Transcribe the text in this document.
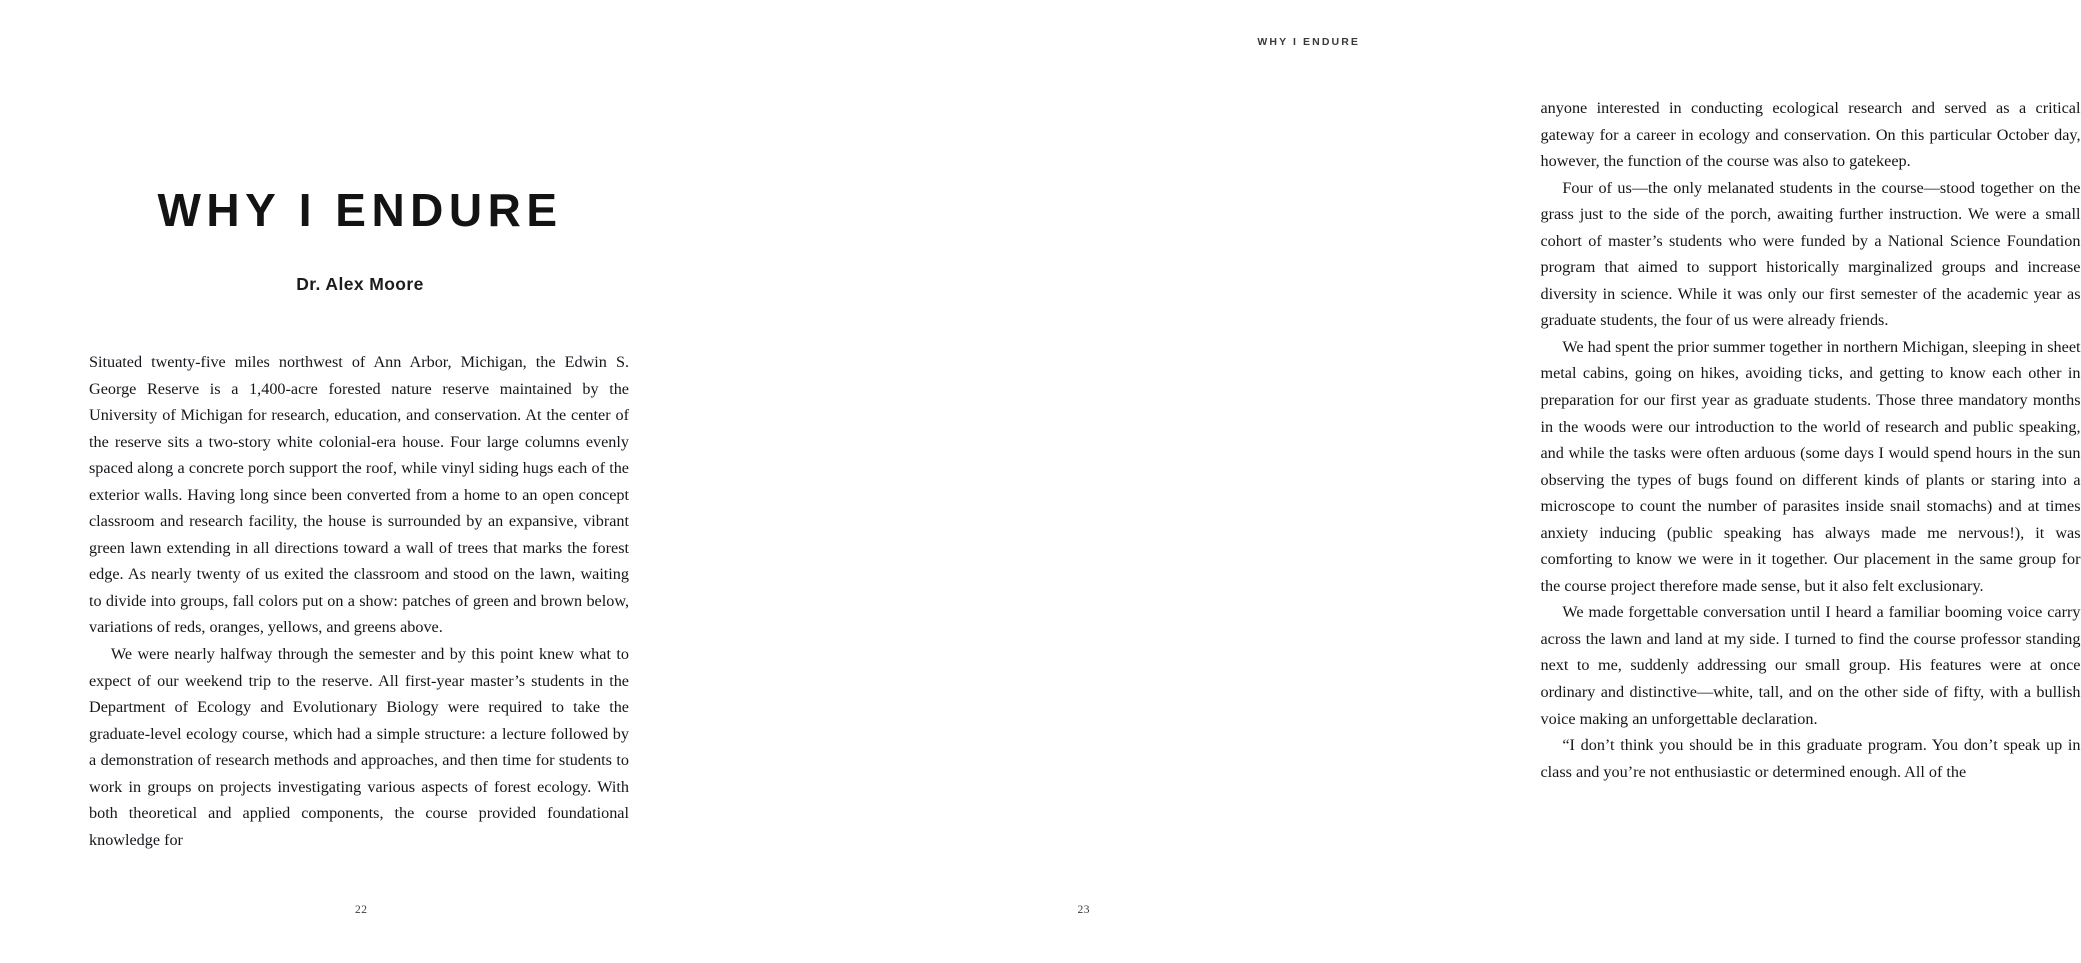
WHY I ENDURE

Dr. Alex Moore

Situated twenty-five miles northwest of Ann Arbor, Michigan, the Edwin S. George Reserve is a 1,400-acre forested nature reserve maintained by the University of Michigan for research, education, and conservation. At the center of the reserve sits a two-story white colonial-era house. Four large columns evenly spaced along a concrete porch support the roof, while vinyl siding hugs each of the exterior walls. Having long since been converted from a home to an open concept classroom and research facility, the house is surrounded by an expansive, vibrant green lawn extending in all directions toward a wall of trees that marks the forest edge. As nearly twenty of us exited the classroom and stood on the lawn, waiting to divide into groups, fall colors put on a show: patches of green and brown below, variations of reds, oranges, yellows, and greens above.

We were nearly halfway through the semester and by this point knew what to expect of our weekend trip to the reserve. All first-year master’s students in the Department of Ecology and Evolutionary Biology were required to take the graduate-level ecology course, which had a simple structure: a lecture followed by a demonstration of research methods and approaches, and then time for students to work in groups on projects investigating various aspects of forest ecology. With both theoretical and applied components, the course provided foundational knowledge for

22
WHY I ENDURE

anyone interested in conducting ecological research and served as a critical gateway for a career in ecology and conservation. On this particular October day, however, the function of the course was also to gatekeep.

Four of us—the only melanated students in the course—stood together on the grass just to the side of the porch, awaiting further instruction. We were a small cohort of master’s students who were funded by a National Science Foundation program that aimed to support historically marginalized groups and increase diversity in science. While it was only our first semester of the academic year as graduate students, the four of us were already friends.

We had spent the prior summer together in northern Michigan, sleeping in sheet metal cabins, going on hikes, avoiding ticks, and getting to know each other in preparation for our first year as graduate students. Those three mandatory months in the woods were our introduction to the world of research and public speaking, and while the tasks were often arduous (some days I would spend hours in the sun observing the types of bugs found on different kinds of plants or staring into a microscope to count the number of parasites inside snail stomachs) and at times anxiety inducing (public speaking has always made me nervous!), it was comforting to know we were in it together. Our placement in the same group for the course project therefore made sense, but it also felt exclusionary.

We made forgettable conversation until I heard a familiar booming voice carry across the lawn and land at my side. I turned to find the course professor standing next to me, suddenly addressing our small group. His features were at once ordinary and distinctive—white, tall, and on the other side of fifty, with a bullish voice making an unforgettable declaration.

“I don’t think you should be in this graduate program. You don’t speak up in class and you’re not enthusiastic or determined enough. All of the

23
